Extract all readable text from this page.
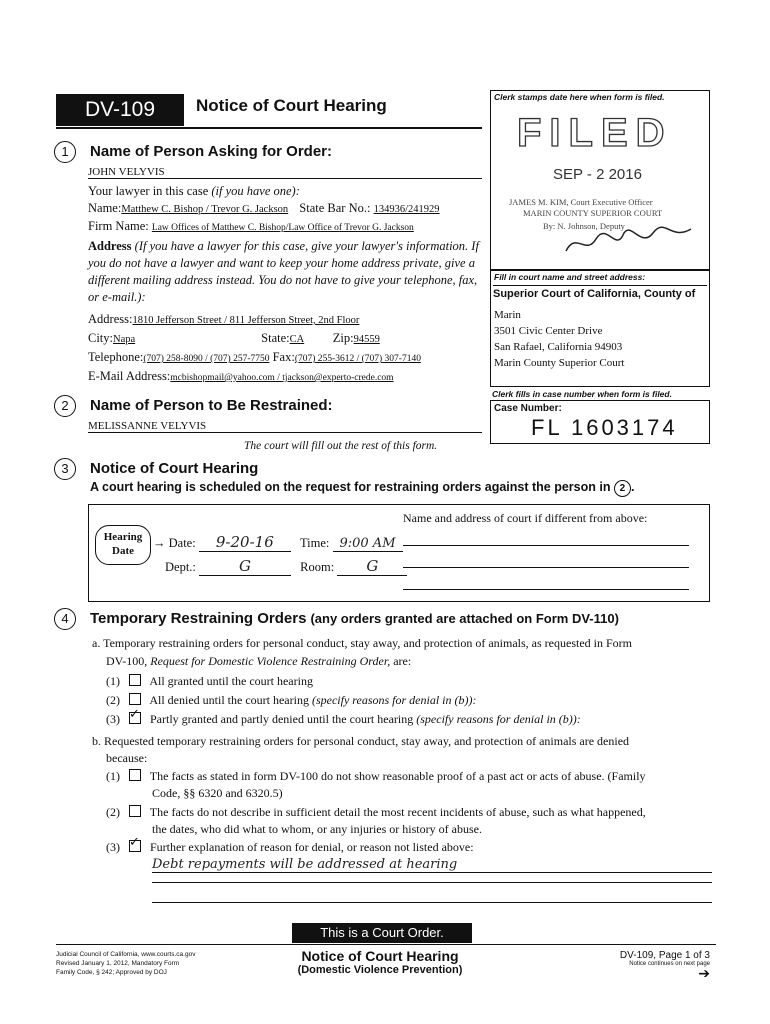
DV-109	Notice of Court Hearing	Clerk stamps date here when form is filed.
FILED
SEP - 2 2016
JAMES M. KIM, Court Executive Officer
MARIN COUNTY SUPERIOR COURT
By: N. Johnson, Deputy
Fill in court name and street address:
Superior Court of California, County of
Marin
3501 Civic Center Drive
San Rafael, California 94903
Marin County Superior Court
Clerk fills in case number when form is filed.
Case Number:
FL 1603174
1 Name of Person Asking for Order:
JOHN VELYVIS
Your lawyer in this case (if you have one):
Name:Matthew C. Bishop / Trevor G. Jackson State Bar No.: 134936/241929
Firm Name: Law Offices of Matthew C. Bishop/Law Office of Trevor G. Jackson
Address (If you have a lawyer for this case, give your lawyer's information. If you do not have a lawyer and want to keep your home address private, give a different mailing address instead. You do not have to give your telephone, fax, or e-mail.):
Address:1810 Jefferson Street / 811 Jefferson Street, 2nd Floor
City:Napa	State:CA Zip:94559
Telephone:(707) 258-8090 / (707) 257-7750 Fax:(707) 255-3612 / (707) 307-7140
E-Mail Address:mcbishopmail@yahoo.com / tjackson@experto-crede.com
2 Name of Person to Be Restrained:
MELISSANNE VELYVIS
The court will fill out the rest of this form.
3 Notice of Court Hearing
A court hearing is scheduled on the request for restraining orders against the person in 2 .
Hearing
Date
→ Date: 9-20-16 Time: 9:00 AM
Dept.:	G	Room: G
Name and address of court if different from above:
4 Temporary Restraining Orders (any orders granted are attached on Form DV-110)
a. Temporary restraining orders for personal conduct, stay away, and protection of animals, as requested in Form
DV-100, Request for Domestic Violence Restraining Order, are:
(1) All granted until the court hearing
(2) All denied until the court hearing (specify reasons for denial in (b)):
(3) ✓	Partly granted and partly denied until the court hearing (specify reasons for denial in (b)):
b. Requested temporary restraining orders for personal conduct, stay away, and protection of animals are denied
because:
(1) The facts as stated in form DV-100 do not show reasonable proof of a past act or acts of abuse. (Family
Code, §§ 6320 and 6320.5)
(2) The facts do not describe in sufficient detail the most recent incidents of abuse, such as what happened,
the dates, who did what to whom, or any injuries or history of abuse.
(3) ✓	Further explanation of reason for denial, or reason not listed above:
Debt repayments will be addressed at hearing
This is a Court Order.
Judicial Council of California, www.courts.ca.gov
Revised January 1, 2012, Mandatory Form
Family Code, § 242; Approved by DOJ
Notice of Court Hearing
(Domestic Violence Prevention)
DV-109, Page 1 of 3
Notice continues on next page
➔
